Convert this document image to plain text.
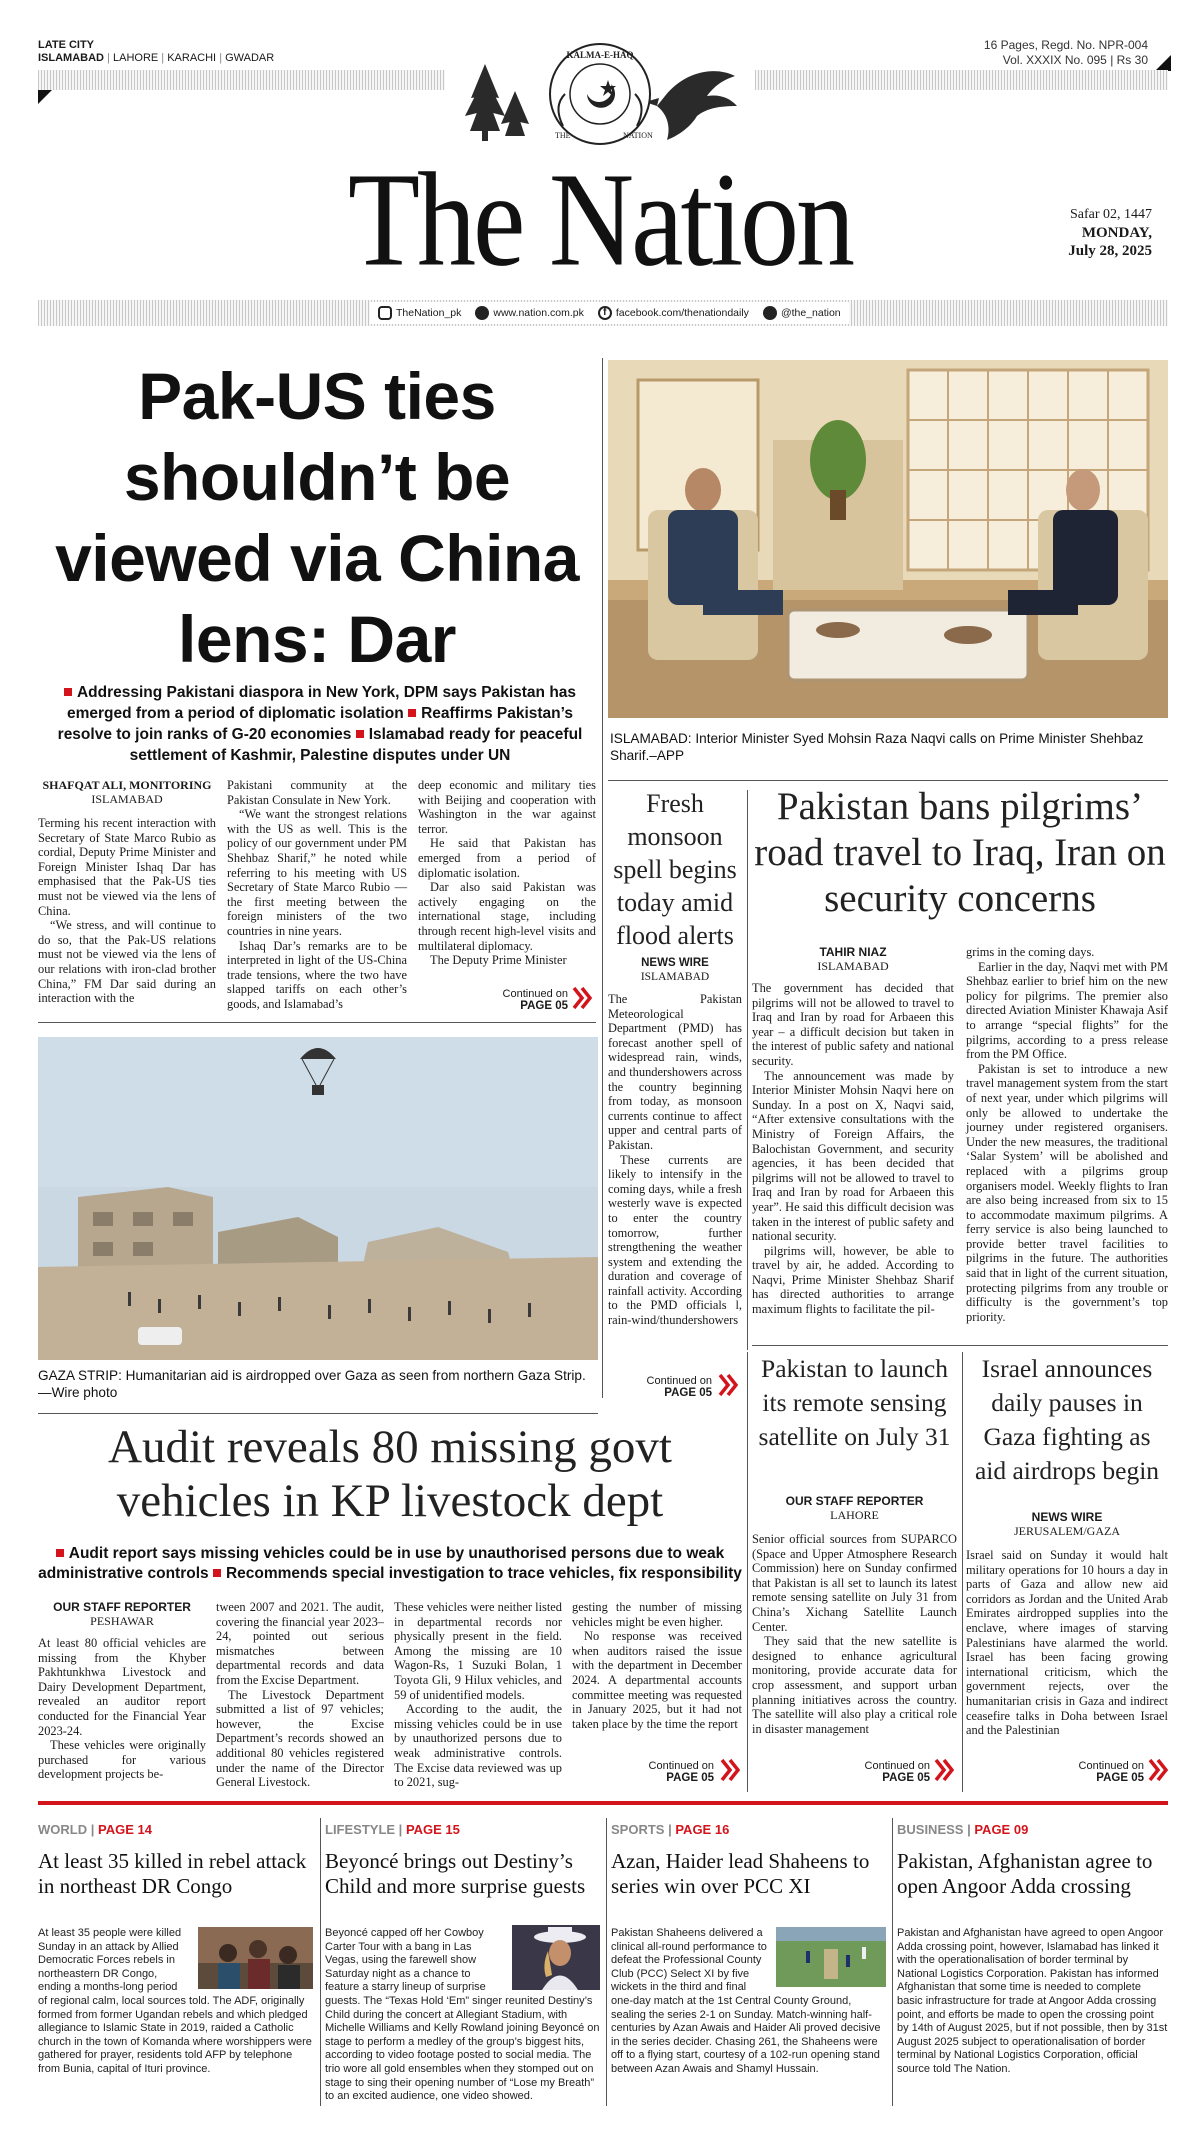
LATE CITY
ISLAMABAD | LAHORE | KARACHI | GWADAR
16 Pages, Regd. No. NPR-004
Vol. XXXIX No. 095 | Rs 30
KALMA-E-HAQ
THE	NATION
The Nation	Safar 02, 1447
MONDAY,
July 28, 2025
TheNation_pk	www.nation.com.pk	f facebook.com/thenationdaily	@the_nation
Pak-US ties shouldn’t be viewed via China lens: Dar
Addressing Pakistani diaspora in New York, DPM says Pakistan has emerged from a period of diplomatic isolation Reaffirms Pakistan’s resolve to join ranks of G-20 economies Islamabad ready for peaceful settlement of Kashmir, Palestine disputes under UN
SHAFQAT ALI, MONITORING
ISLAMABAD

Terming his recent interaction with Secretary of State Marco Rubio as cordial, Deputy Prime Minister and Foreign Minister Ishaq Dar has emphasised that the Pak-US ties must not be viewed via the lens of China.

“We stress, and will continue to do so, that the Pak-US relations must not be viewed via the lens of our relations with iron-clad brother China,” FM Dar said during an interaction with the

Pakistani community at the Pakistan Consulate in New York.

“We want the strongest relations with the US as well. This is the policy of our government under PM Shehbaz Sharif,” he noted while referring to his meeting with US Secretary of State Marco Rubio — the first meeting between the foreign ministers of the two countries in nine years.

Ishaq Dar’s remarks are to be interpreted in light of the US-China trade tensions, where the two have slapped tariffs on each other’s goods, and Islamabad’s

deep economic and military ties with Beijing and cooperation with Washington in the war against terror.

He said that Pakistan has emerged from a period of diplomatic isolation.

Dar also said Pakistan was actively engaging on the international stage, including through recent high-level visits and multilateral diplomacy.

The Deputy Prime Minister

Continued on
PAGE 05
ISLAMABAD: Interior Minister Syed Mohsin Raza Naqvi calls on Prime Minister Shehbaz Sharif.–APP
GAZA STRIP: Humanitarian aid is airdropped over Gaza as seen from northern Gaza Strip.—Wire photo
Fresh monsoon spell begins today amid flood alerts
NEWS WIRE
ISLAMABAD

The Pakistan Meteorological Department (PMD) has forecast another spell of widespread rain, winds, and thundershowers across the country beginning from today, as monsoon currents continue to affect upper and central parts of Pakistan.

These currents are likely to intensify in the coming days, while a fresh westerly wave is expected to enter the country tomorrow, further strengthening the weather system and extending the duration and coverage of rainfall activity. According to the PMD officials l, rain-wind/thundershowers

Continued on
PAGE 05
Pakistan bans pilgrims’ road travel to Iraq, Iran on security concerns
TAHIR NIAZ
ISLAMABAD

The government has decided that pilgrims will not be allowed to travel to Iraq and Iran by road for Arbaeen this year – a difficult decision but taken in the interest of public safety and national security.

The announcement was made by Interior Minister Mohsin Naqvi here on Sunday. In a post on X, Naqvi said, “After extensive consultations with the Ministry of Foreign Affairs, the Balochistan Government, and security agencies, it has been decided that pilgrims will not be allowed to travel to Iraq and Iran by road for Arbaeen this year”. He said this difficult decision was taken in the interest of public safety and national security.

pilgrims will, however, be able to travel by air, he added. According to Naqvi, Prime Minister Shehbaz Sharif has directed authorities to arrange maximum flights to facilitate the pil-

grims in the coming days.

Earlier in the day, Naqvi met with PM Shehbaz earlier to brief him on the new policy for pilgrims. The premier also directed Aviation Minister Khawaja Asif to arrange “special flights” for the pilgrims, according to a press release from the PM Office.

Pakistan is set to introduce a new travel management system from the start of next year, under which pilgrims will only be allowed to undertake the journey under registered organisers. Under the new measures, the traditional ‘Salar System’ will be abolished and replaced with a pilgrims group organisers model. Weekly flights to Iran are also being increased from six to 15 to accommodate maximum pilgrims. A ferry service is also being launched to provide better travel facilities to pilgrims in the future. The authorities said that in light of the current situation, protecting pilgrims from any trouble or difficulty is the government’s top priority.

Audit reveals 80 missing govt vehicles in KP livestock dept
Audit report says missing vehicles could be in use by unauthorised persons due to weak administrative controls Recommends special investigation to trace vehicles, fix responsibility
OUR STAFF REPORTER
PESHAWAR

At least 80 official vehicles are missing from the Khyber Pakhtunkhwa Livestock and Dairy Development Department, revealed an auditor report conducted for the Financial Year 2023-24.

These vehicles were originally purchased for various development projects be-

tween 2007 and 2021. The audit, covering the financial year 2023–24, pointed out serious mismatches between departmental records and data from the Excise Department.

The Livestock Department submitted a list of 97 vehicles; however, the Excise Department’s records showed an additional 80 vehicles registered under the name of the Director General Livestock.

These vehicles were neither listed in departmental records nor physically present in the field. Among the missing are 10 Wagon-Rs, 1 Suzuki Bolan, 1 Toyota Gli, 9 Hilux vehicles, and 59 of unidentified models.

According to the audit, the missing vehicles could be in use by unauthorized persons due to weak administrative controls. The Excise data reviewed was up to 2021, sug-

gesting the number of missing vehicles might be even higher.

No response was received when auditors raised the issue with the department in December 2024. A departmental accounts committee meeting was requested in January 2025, but it had not taken place by the time the report

Continued on
PAGE 05
Pakistan to launch its remote sensing satellite on July 31
OUR STAFF REPORTER
LAHORE

Senior official sources from SUPARCO (Space and Upper Atmosphere Research Commission) here on Sunday confirmed that Pakistan is all set to launch its latest remote sensing satellite on July 31 from China’s Xichang Satellite Launch Center.

They said that the new satellite is designed to enhance agricultural monitoring, provide accurate data for crop assessment, and support urban planning initiatives across the country. The satellite will also play a critical role in disaster management

Continued on
PAGE 05
Israel announces daily pauses in Gaza fighting as aid airdrops begin
NEWS WIRE
JERUSALEM/GAZA

Israel said on Sunday it would halt military operations for 10 hours a day in parts of Gaza and allow new aid corridors as Jordan and the United Arab Emirates airdropped supplies into the enclave, where images of starving Palestinians have alarmed the world. Israel has been facing growing international criticism, which the government rejects, over the humanitarian crisis in Gaza and indirect ceasefire talks in Doha between Israel and the Palestinian

Continued on
PAGE 05
WORLD | PAGE 14
At least 35 killed in rebel attack in northeast DR Congo
At least 35 people were killed Sunday in an attack by Allied Democratic Forces rebels in northeastern DR Congo, ending a months-long period of regional calm, local sources told. The ADF, originally formed from former Ugandan rebels and which pledged allegiance to Islamic State in 2019, raided a Catholic church in the town of Komanda where worshippers were gathered for prayer, residents told AFP by telephone from Bunia, capital of Ituri province.
LIFESTYLE | PAGE 15
Beyoncé brings out Destiny’s Child and more surprise guests
Beyoncé capped off her Cowboy Carter Tour with a bang in Las Vegas, using the farewell show Saturday night as a chance to feature a starry lineup of surprise guests. The “Texas Hold ‘Em” singer reunited Destiny’s Child during the concert at Allegiant Stadium, with Michelle Williams and Kelly Rowland joining Beyoncé on stage to perform a medley of the group’s biggest hits, according to video footage posted to social media. The trio wore all gold ensembles when they stomped out on stage to sing their opening number of “Lose my Breath” to an excited audience, one video showed.
SPORTS | PAGE 16
Azan, Haider lead Shaheens to series win over PCC XI
Pakistan Shaheens delivered a clinical all-round performance to defeat the Professional County Club (PCC) Select XI by five wickets in the third and final one-day match at the 1st Central County Ground, sealing the series 2-1 on Sunday. Match-winning half-centuries by Azan Awais and Haider Ali proved decisive in the series decider. Chasing 261, the Shaheens were off to a flying start, courtesy of a 102-run opening stand between Azan Awais and Shamyl Hussain.
BUSINESS | PAGE 09
Pakistan, Afghanistan agree to open Angoor Adda crossing
Pakistan and Afghanistan have agreed to open Angoor Adda crossing point, however, Islamabad has linked it with the operationalisation of border terminal by National Logistics Corporation. Pakistan has informed Afghanistan that some time is needed to complete basic infrastructure for trade at Angoor Adda crossing point, and efforts be made to open the crossing point by 14th of August 2025, but if not possible, then by 31st August 2025 subject to operationalisation of border terminal by National Logistics Corporation, official source told The Nation.
